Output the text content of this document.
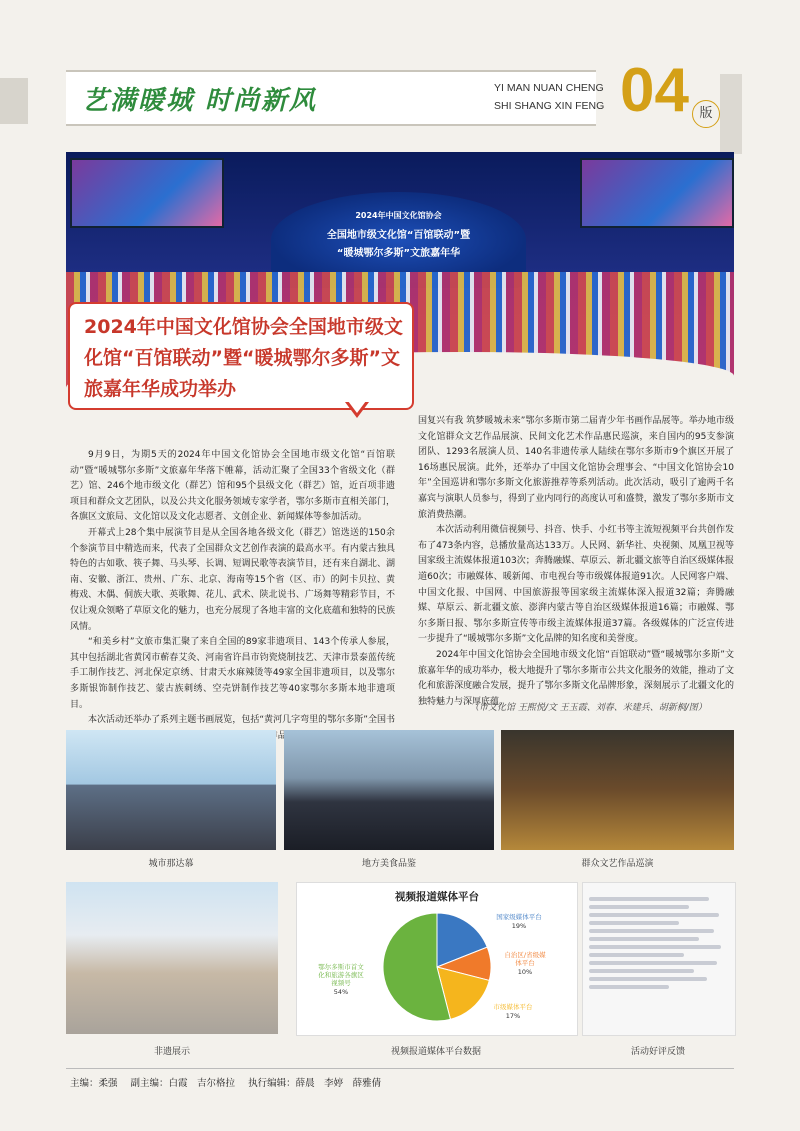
艺满暖城 时尚新风	YI MAN NUAN CHENG
SHI SHANG XIN FENG 04 版
2024年中国文化馆协会
全国地市级文化馆“百馆联动”暨
“暖城鄂尔多斯”文旅嘉年华
2024年中国文化馆协会全国地市级文化馆“百馆联动”暨“暖城鄂尔多斯”文旅嘉年华成功举办

9月9日，为期5天的2024年中国文化馆协会全国地市级文化馆“百馆联动”暨“暖城鄂尔多斯”文旅嘉年华落下帷幕，活动汇聚了全国33个省级文化（群艺）馆、246个地市级文化（群艺）馆和95个县级文化（群艺）馆，近百项非遗项目和群众文艺团队，以及公共文化服务领域专家学者，鄂尔多斯市直相关部门，各旗区文旅局、文化馆以及文化志愿者、文创企业、新闻媒体等参加活动。

开幕式上28个集中展演节目是从全国各地各级文化（群艺）馆选送的150余个参演节目中精选而来，代表了全国群众文艺创作表演的最高水平。有内蒙古独具特色的古如歌、筷子舞、马头琴、长调、短调民歌等表演节目，还有来自湖北、湖南、安徽、浙江、贵州、广东、北京、海南等15个省（区、市）的阿卡贝拉、黄梅戏、木偶、侗族大歌、英歌舞、花儿、武术、陕北说书、广场舞等精彩节目，不仅让观众领略了草原文化的魅力，也充分展现了各地丰富的文化底蕴和独特的民族风情。

“和美乡村”文旅市集汇聚了来自全国的89家非遗项目、143个传承人参展，其中包括湖北省黄冈市蕲春艾灸、河南省许昌市钧瓷烧制技艺、天津市景泰蓝传统手工制作技艺、河北保定京绣、甘肃天水麻辣烫等49家全国非遗项目，以及鄂尔多斯银饰制作技艺、蒙古族刺绣、空壳饼制作技艺等40家鄂尔多斯本地非遗项目。

本次活动还举办了系列主题书画展览，包括“黄河几字弯里的鄂尔多斯”全国书 术作品和

国复兴有我 筑梦暖城未来”鄂尔多斯市第二届青少年书画作品展等。举办地市级文化馆群众文艺作品展演、民间文化艺术作品惠民巡演，来自国内的95支参演团队、1293名展演人员、140名非遗传承人陆续在鄂尔多斯市9个旗区开展了16场惠民展演。此外，还举办了中国文化馆协会理事会、“中国文化馆协会10年”全国巡讲和鄂尔多斯文化旅游推荐等系列活动。此次活动，吸引了逾两千名嘉宾与演职人员参与，得到了业内同行的高度认可和盛赞，激发了鄂尔多斯市文旅消费热潮。

本次活动利用微信视频号、抖音、快手、小红书等主流短视频平台共创作发布了473条内容，总播放量高达133万。人民网、新华社、央视频、凤凰卫视等国家级主流媒体报道103次；奔腾融媒、草原云、新北疆文旅等自治区级媒体报道60次；市融媒体、暖新闻、市电视台等市级媒体报道91次。人民网客户端、中国文化报、中国网、中国旅游报等国家级主流媒体深入报道32篇；奔腾融媒、草原云、新北疆文旅、澎湃内蒙古等自治区级媒体报道16篇；市融媒、鄂尔多斯日报、鄂尔多斯宣传等市级主流媒体报道37篇。各级媒体的广泛宣传进一步提升了“暖城鄂尔多斯”文化品牌的知名度和美誉度。

2024年中国文化馆协会全国地市级文化馆“百馆联动”暨“暖城鄂尔多斯”文旅嘉年华的成功举办，极大地提升了鄂尔多斯市公共文化服务的效能，推动了文化和旅游深度融合发展，提升了鄂尔多斯文化品牌形象，深刻展示了北疆文化的独特魅力与深厚底蕴。

（市文化馆 王熙悦/文 王玉霞、刘春、米建兵、胡新桐/图）
城市那达慕	地方美食品鉴	群众文艺作品巡演
非遗展示
视频报道媒体平台
国家级媒体平台
19%
自治区/省级媒体平台
10%
市级媒体平台
17%
鄂尔多斯市首文化和旅游各旗区视频号
54%
视频报道媒体平台数据	活动好评反馈
主编：柔强 副主编：白霞　吉尔格拉 执行编辑：薛晨　李婷　薛雅倩
